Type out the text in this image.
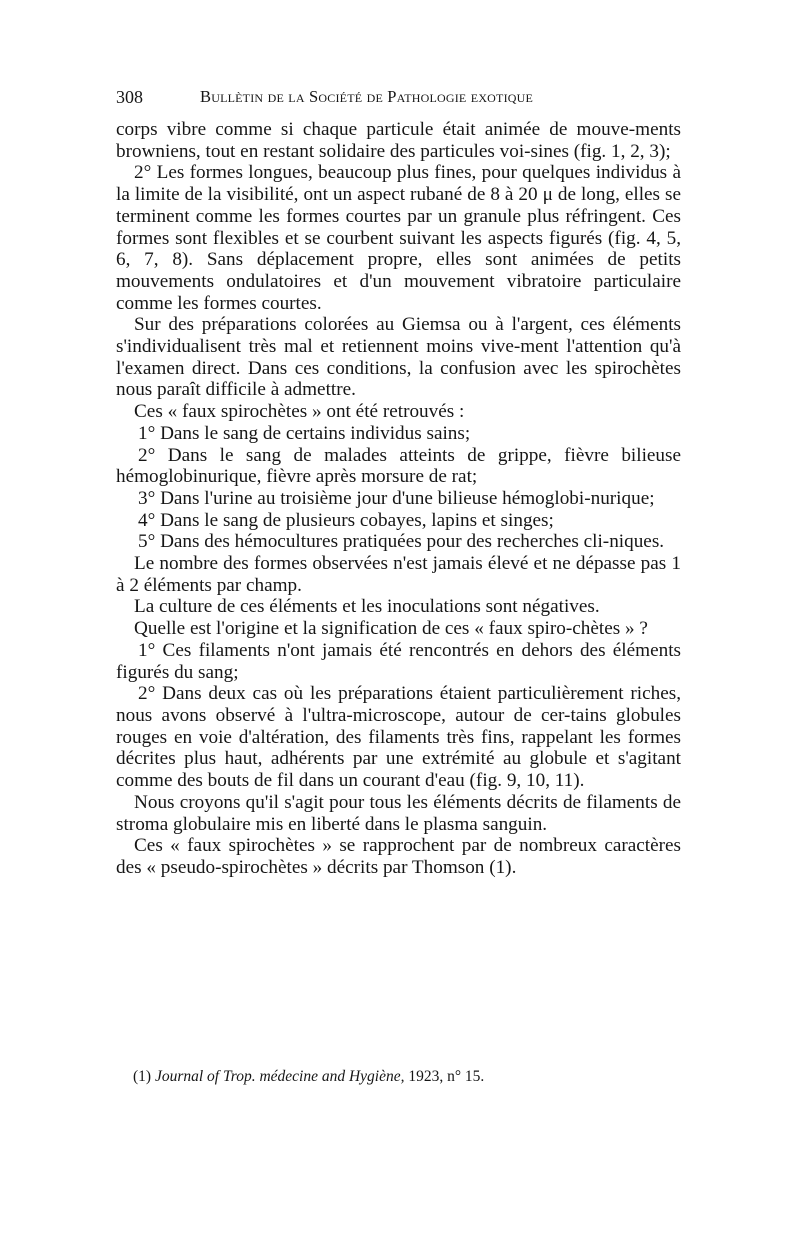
308	Bullètin de la Société de Pathologie exotique

corps vibre comme si chaque particule était animée de mouve-ments browniens, tout en restant solidaire des particules voi-sines (fig. 1, 2, 3);

2° Les formes longues, beaucoup plus fines, pour quelques individus à la limite de la visibilité, ont un aspect rubané de 8 à 20 μ de long, elles se terminent comme les formes courtes par un granule plus réfringent. Ces formes sont flexibles et se courbent suivant les aspects figurés (fig. 4, 5, 6, 7, 8). Sans déplacement propre, elles sont animées de petits mouvements ondulatoires et d'un mouvement vibratoire particulaire comme les formes courtes.

Sur des préparations colorées au Giemsa ou à l'argent, ces éléments s'individualisent très mal et retiennent moins vive-ment l'attention qu'à l'examen direct. Dans ces conditions, la confusion avec les spirochètes nous paraît difficile à admettre.

Ces « faux spirochètes » ont été retrouvés :

1° Dans le sang de certains individus sains;

2° Dans le sang de malades atteints de grippe, fièvre bilieuse hémoglobinurique, fièvre après morsure de rat;

3° Dans l'urine au troisième jour d'une bilieuse hémoglobi-nurique;

4° Dans le sang de plusieurs cobayes, lapins et singes;

5° Dans des hémocultures pratiquées pour des recherches cli-niques.

Le nombre des formes observées n'est jamais élevé et ne dépasse pas 1 à 2 éléments par champ.

La culture de ces éléments et les inoculations sont négatives.

Quelle est l'origine et la signification de ces « faux spiro-chètes » ?

1° Ces filaments n'ont jamais été rencontrés en dehors des éléments figurés du sang;

2° Dans deux cas où les préparations étaient particulièrement riches, nous avons observé à l'ultra-microscope, autour de cer-tains globules rouges en voie d'altération, des filaments très fins, rappelant les formes décrites plus haut, adhérents par une extrémité au globule et s'agitant comme des bouts de fil dans un courant d'eau (fig. 9, 10, 11).

Nous croyons qu'il s'agit pour tous les éléments décrits de filaments de stroma globulaire mis en liberté dans le plasma sanguin.

Ces « faux spirochètes » se rapprochent par de nombreux caractères des « pseudo-spirochètes » décrits par Thomson (1).

(1) Journal of Trop. médecine and Hygiène, 1923, n° 15.
